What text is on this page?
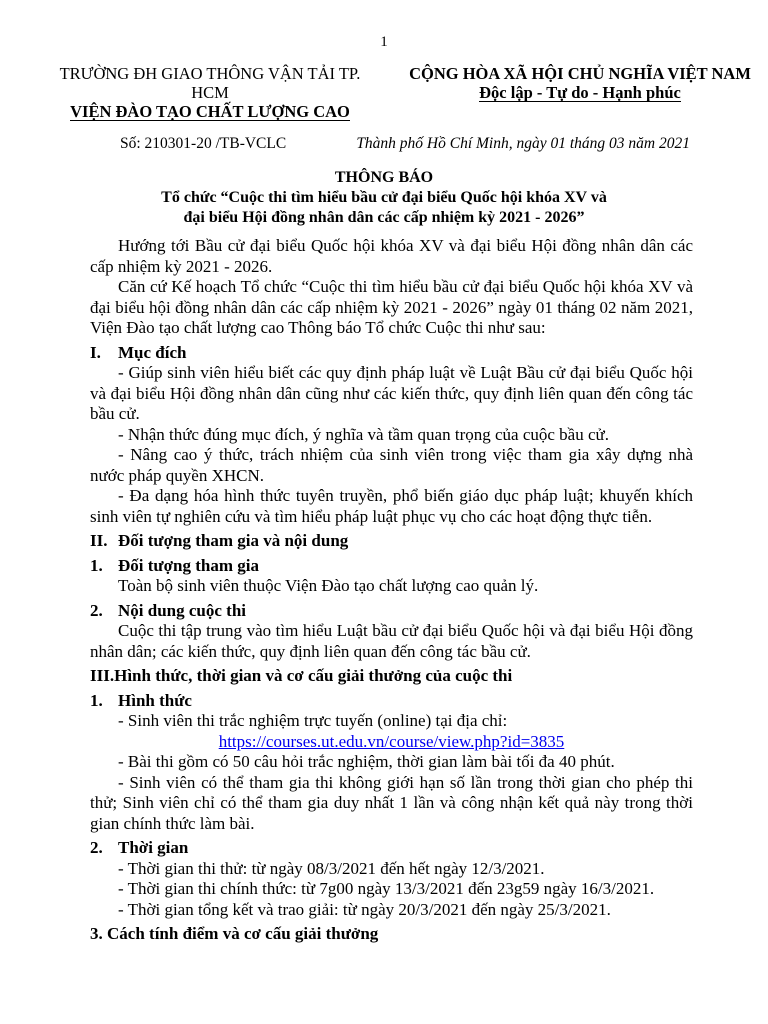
1
TRƯỜNG ĐH GIAO THÔNG VẬN TẢI TP. HCM
VIỆN ĐÀO TẠO CHẤT LƯỢNG CAO
CỘNG HÒA XÃ HỘI CHỦ NGHĨA VIỆT NAM
Độc lập - Tự do - Hạnh phúc
Số: 210301-20 /TB-VCLC	Thành phố Hồ Chí Minh, ngày 01 tháng 03 năm 2021
THÔNG BÁO
Tổ chức “Cuộc thi tìm hiểu bầu cử đại biểu Quốc hội khóa XV và
đại biểu Hội đồng nhân dân các cấp nhiệm kỳ 2021 - 2026”

Hướng tới Bầu cử đại biểu Quốc hội khóa XV và đại biểu Hội đồng nhân dân các cấp nhiệm kỳ 2021 - 2026.

Căn cứ Kế hoạch Tổ chức “Cuộc thi tìm hiểu bầu cử đại biểu Quốc hội khóa XV và đại biểu hội đồng nhân dân các cấp nhiệm kỳ 2021 - 2026” ngày 01 tháng 02 năm 2021, Viện Đào tạo chất lượng cao Thông báo Tổ chức Cuộc thi như sau:

I. Mục đích

- Giúp sinh viên hiểu biết các quy định pháp luật về Luật Bầu cử đại biểu Quốc hội và đại biểu Hội đồng nhân dân cũng như các kiến thức, quy định liên quan đến công tác bầu cử.

- Nhận thức đúng mục đích, ý nghĩa và tầm quan trọng của cuộc bầu cử.

- Nâng cao ý thức, trách nhiệm của sinh viên trong việc tham gia xây dựng nhà nước pháp quyền XHCN.

- Đa dạng hóa hình thức tuyên truyền, phổ biến giáo dục pháp luật; khuyến khích sinh viên tự nghiên cứu và tìm hiểu pháp luật phục vụ cho các hoạt động thực tiễn.

II. Đối tượng tham gia và nội dung

1. Đối tượng tham gia

Toàn bộ sinh viên thuộc Viện Đào tạo chất lượng cao quản lý.

2. Nội dung cuộc thi

Cuộc thi tập trung vào tìm hiểu Luật bầu cử đại biểu Quốc hội và đại biểu Hội đồng nhân dân; các kiến thức, quy định liên quan đến công tác bầu cử.

III.Hình thức, thời gian và cơ cấu giải thưởng của cuộc thi

1. Hình thức

- Sinh viên thi trắc nghiệm trực tuyến (online) tại địa chỉ:

https://courses.ut.edu.vn/course/view.php?id=3835

- Bài thi gồm có 50 câu hỏi trắc nghiệm, thời gian làm bài tối đa 40 phút.

- Sinh viên có thể tham gia thi không giới hạn số lần trong thời gian cho phép thi thử; Sinh viên chỉ có thể tham gia duy nhất 1 lần và công nhận kết quả này trong thời gian chính thức làm bài.

2. Thời gian

- Thời gian thi thử: từ ngày 08/3/2021 đến hết ngày 12/3/2021.

- Thời gian thi chính thức: từ 7g00 ngày 13/3/2021 đến 23g59 ngày 16/3/2021.

- Thời gian tổng kết và trao giải: từ ngày 20/3/2021 đến ngày 25/3/2021.

3. Cách tính điểm và cơ cấu giải thưởng
